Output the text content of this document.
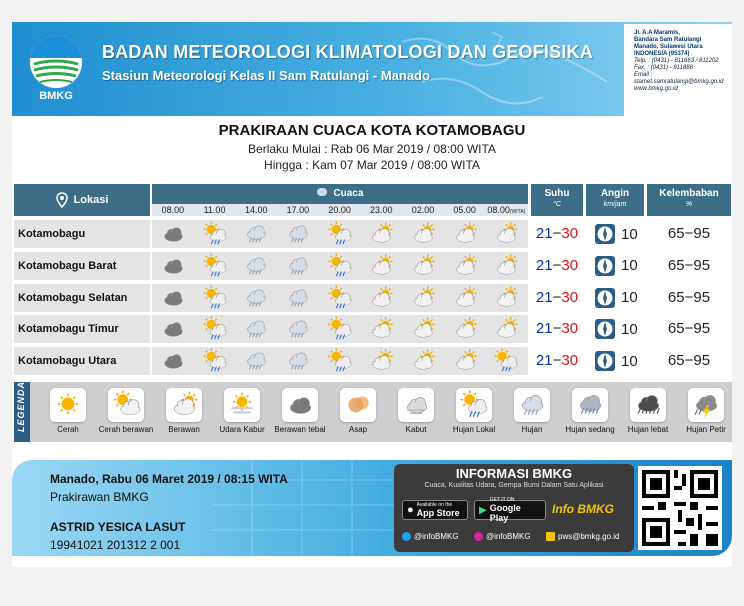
BMKG
BADAN METEOROLOGI KLIMATOLOGI DAN GEOFISIKA
Stasiun Meteorologi Kelas II Sam Ratulangi - Manado
Jl. A.A Maramis,
Bandara Sam Ratulangi
Manado, Sulawesi Utara
INDONESIA (95374)
Telp. : (0431) - 811663 / 811202
Fax. : (0431) - 811888
Email :
stamet.samratulangi@bmkg.go.id
www.bmkg.go.id
PRAKIRAAN CUACA KOTA KOTAMOBAGU
Berlaku Mulai : Rab 06 Mar 2019 / 08:00 WITA
Hingga : Kam 07 Mar 2019 / 08:00 WITA
Lokasi
Cuaca
08.00	11.00	14.00	17.00	20.00	23.00	02.00	05.00	08.00(WITA)
Suhu
°C
Angin
km/jam
Kelembaban
%
Kotamobagu	21−30	10	65−95
Kotamobagu Barat	21−30	10	65−95
Kotamobagu Selatan	21−30	10	65−95
Kotamobagu Timur	21−30	10	65−95
Kotamobagu Utara	21−30	10	65−95
LEGENDA	Cerah	Cerah berawan	Berawan	Udara Kabur	Berawan tebal	Asap	Kabut	Hujan Lokal	Hujan	Hujan sedang	Hujan lebat	Hujan Petir
Manado, Rabu 06 Maret 2019 / 08:15 WITA
Prakirawan BMKG
ASTRID YESICA LASUT
19941021 201312 2 001
INFORMASI BMKG
Cuaca, Kualitas Udara, Gempa Bumi Dalam Satu Aplikasi
● Available on the
App Store ▶
GET IT ON
Google Play
Info BMKG
@infoBMKG	@infoBMKG	pws@bmkg.go.id
